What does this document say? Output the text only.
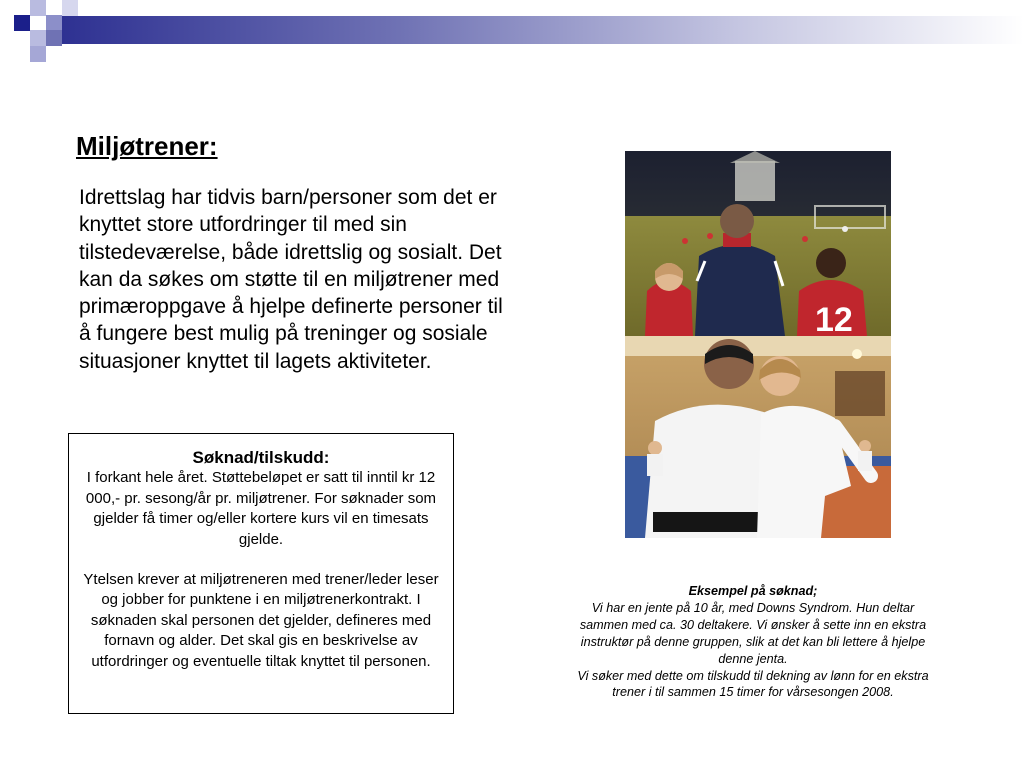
Miljøtrener:

Idrettslag har tidvis barn/personer som det er knyttet store utfordringer til med sin tilstedeværelse, både idrettslig og sosialt. Det kan da søkes om støtte til en miljøtrener med primæroppgave å hjelpe definerte personer til å fungere best mulig på treninger og sosiale situasjoner knyttet til lagets aktiviteter.

Søknad/tilskudd:

I forkant hele året. Støttebeløpet er satt til inntil kr 12 000,- pr. sesong/år pr. miljøtrener. For søknader som gjelder få timer og/eller kortere kurs vil en timesats gjelde.

Ytelsen krever at miljøtreneren med trener/leder leser og jobber for punktene i en miljøtrenerkontrakt. I søknaden skal personen det gjelder, defineres med fornavn og alder. Det skal gis en beskrivelse av utfordringer og eventuelle tiltak knyttet til personen.

12
Eksempel på søknad;
Vi har en jente på 10 år, med Downs Syndrom. Hun deltar sammen med ca. 30 deltakere. Vi ønsker å sette inn en ekstra instruktør på denne gruppen, slik at det kan bli lettere å hjelpe denne jenta.
Vi søker med dette om tilskudd til dekning av lønn for en ekstra trener i til sammen 15 timer for vårsesongen 2008.
